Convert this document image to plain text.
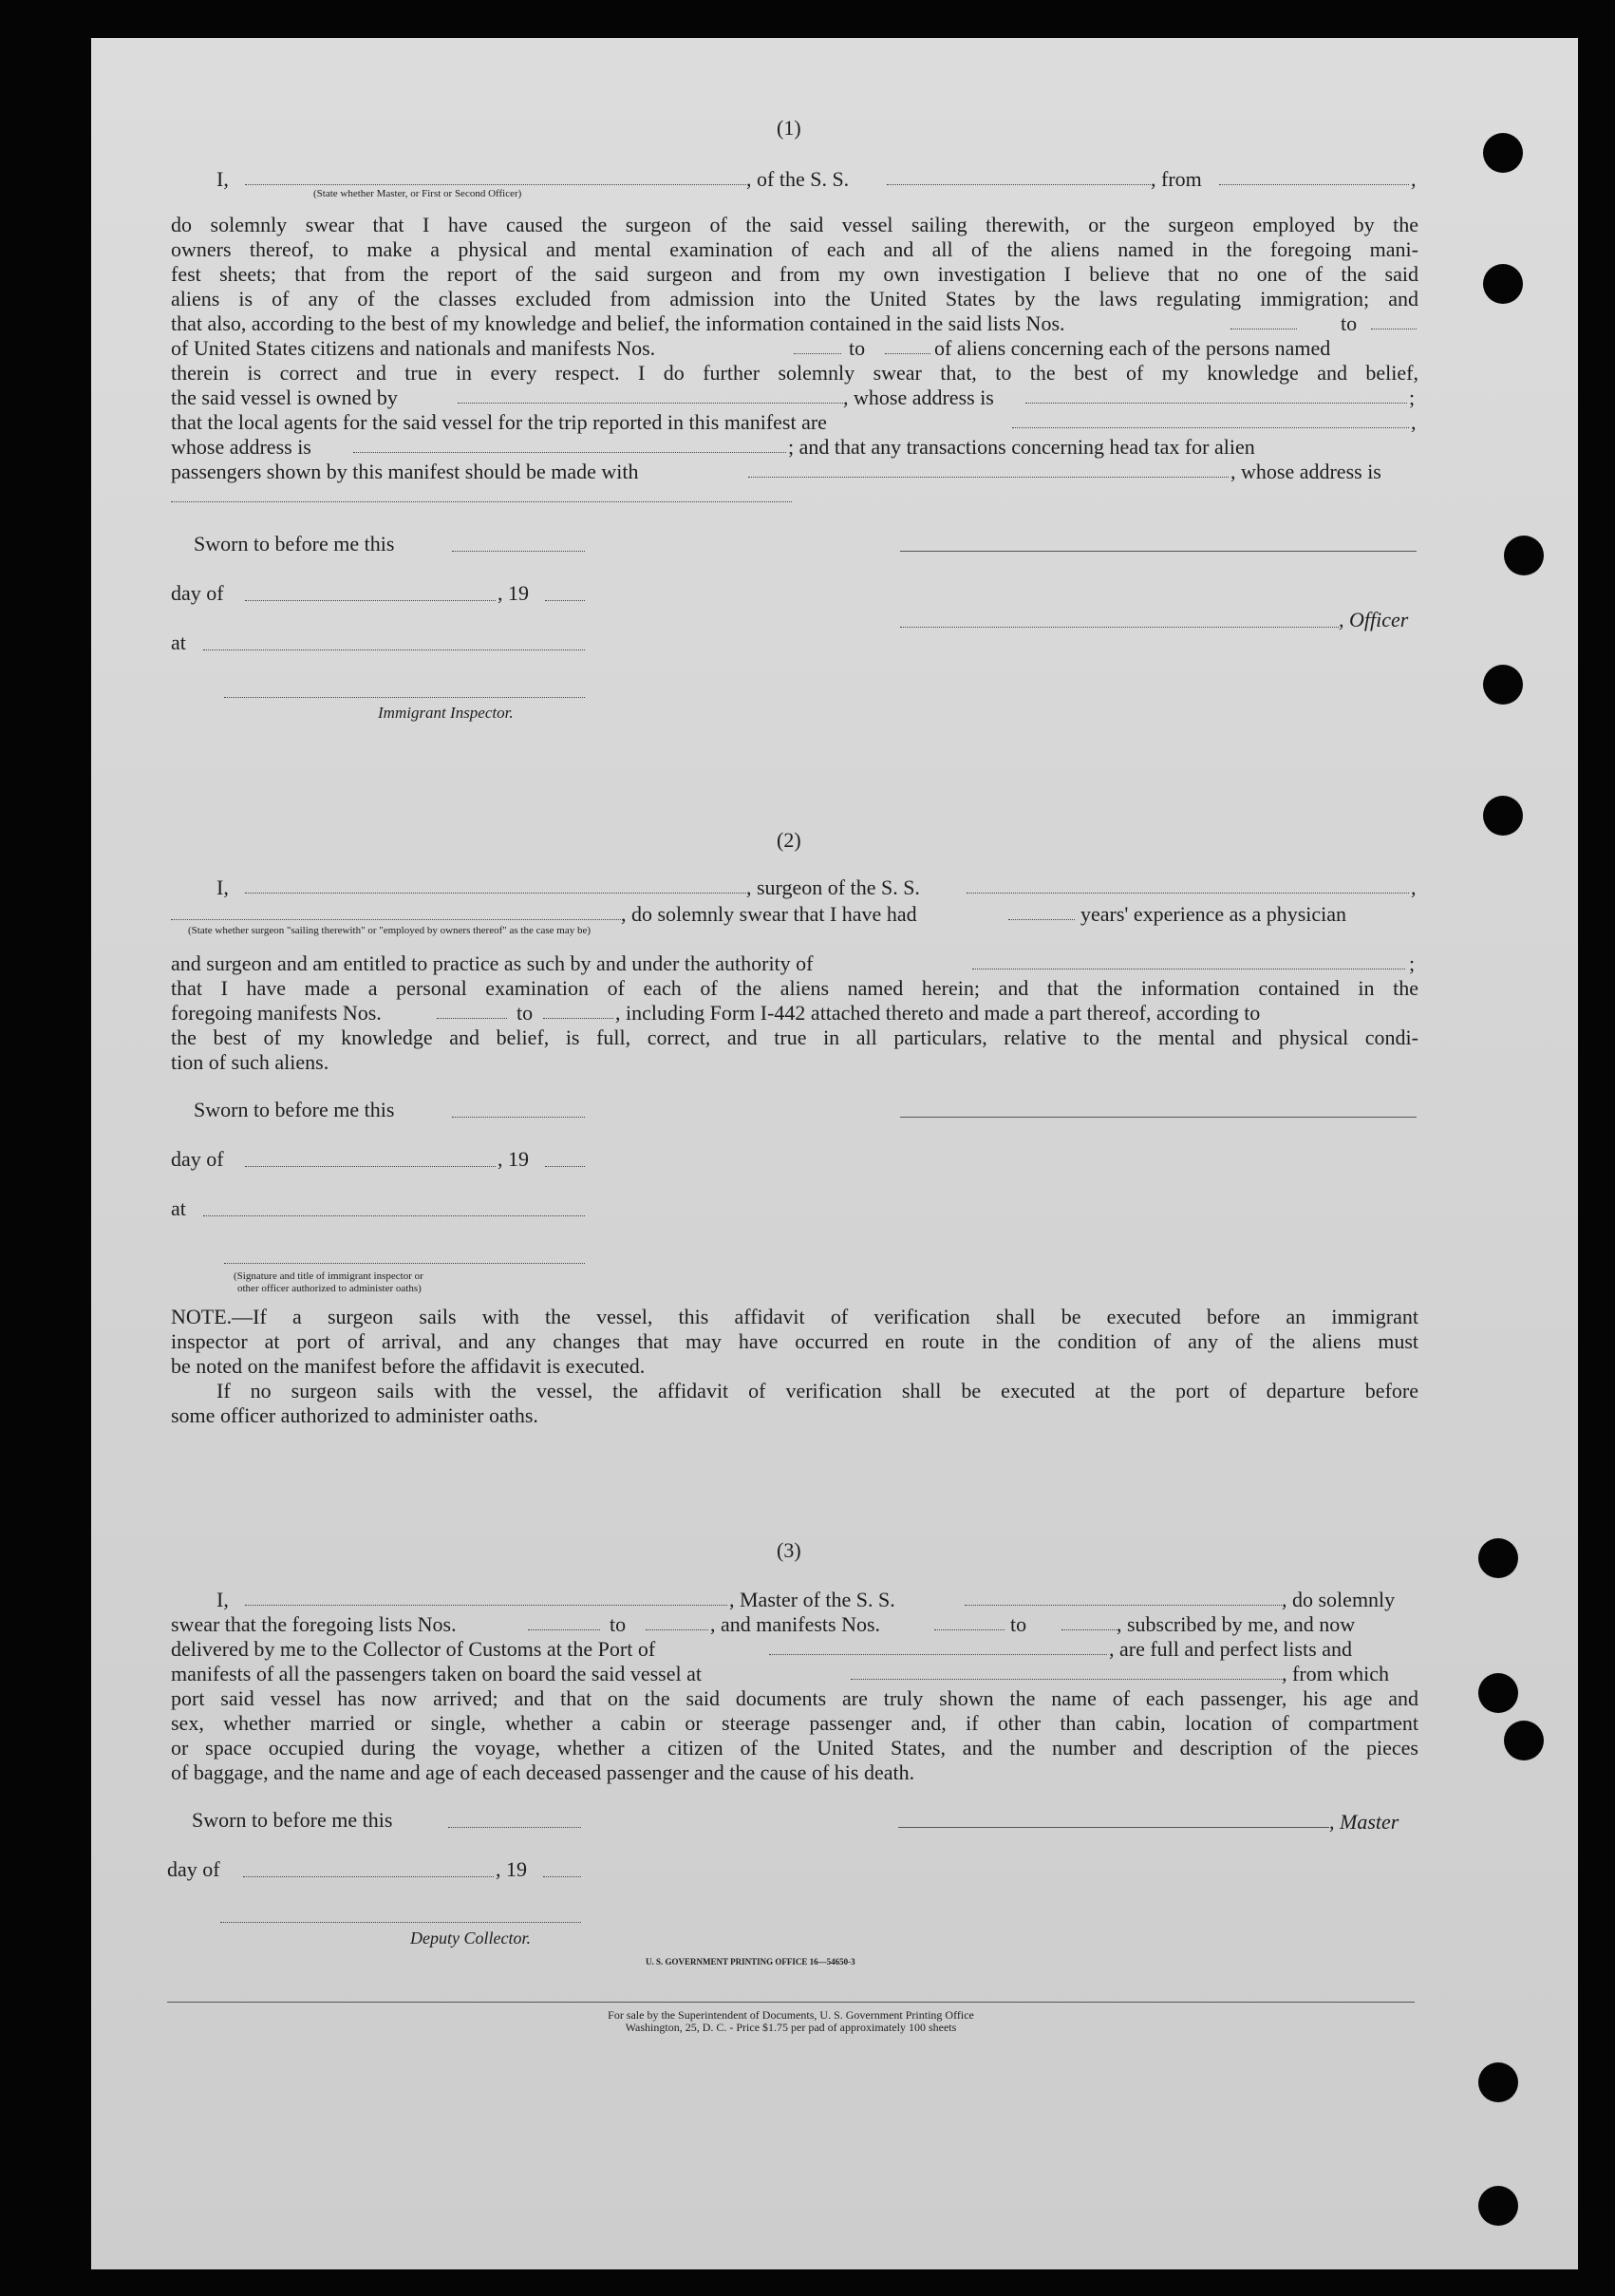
(1)
I,
(State whether Master, or First or Second Officer)
, of the S. S.	, from	,
do solemnly swear that I have caused the surgeon of the said vessel sailing therewith, or the surgeon employed by the
owners thereof, to make a physical and mental examination of each and all of the aliens named in the foregoing mani-
fest sheets; that from the report of the said surgeon and from my own investigation I believe that no one of the said
aliens is of any of the classes excluded from admission into the United States by the laws regulating immigration; and
that also, according to the best of my knowledge and belief, the information contained in the said lists Nos.	to
of United States citizens and nationals and manifests Nos.	to	of aliens concerning each of the persons named
therein is correct and true in every respect. I do further solemnly swear that, to the best of my knowledge and belief,
the said vessel is owned by	, whose address is	;
that the local agents for the said vessel for the trip reported in this manifest are	,
whose address is	; and that any transactions concerning head tax for alien
passengers shown by this manifest should be made with	, whose address is
Sworn to before me this
day of	, 19
, Officer
at
Immigrant Inspector.
(2)
I,	, surgeon of the S. S.	,
(State whether surgeon "sailing therewith" or "employed by owners thereof" as the case may be)
, do solemnly swear that I have had	years' experience as a physician
and surgeon and am entitled to practice as such by and under the authority of	;
that I have made a personal examination of each of the aliens named herein; and that the information contained in the
foregoing manifests Nos.	to	, including Form I-442 attached thereto and made a part thereof, according to
the best of my knowledge and belief, is full, correct, and true in all particulars, relative to the mental and physical condi-
tion of such aliens.
Sworn to before me this
day of	, 19
at
(Signature and title of immigrant inspector or
other officer authorized to administer oaths)
NOTE.—If a surgeon sails with the vessel, this affidavit of verification shall be executed before an immigrant
inspector at port of arrival, and any changes that may have occurred en route in the condition of any of the aliens must
be noted on the manifest before the affidavit is executed.
If no surgeon sails with the vessel, the affidavit of verification shall be executed at the port of departure before
some officer authorized to administer oaths.
(3)
I,	, Master of the S. S.	, do solemnly
swear that the foregoing lists Nos.	to	, and manifests Nos.	to	, subscribed by me, and now
delivered by me to the Collector of Customs at the Port of	, are full and perfect lists and
manifests of all the passengers taken on board the said vessel at	, from which
port said vessel has now arrived; and that on the said documents are truly shown the name of each passenger, his age and
sex, whether married or single, whether a cabin or steerage passenger and, if other than cabin, location of compartment
or space occupied during the voyage, whether a citizen of the United States, and the number and description of the pieces
of baggage, and the name and age of each deceased passenger and the cause of his death.
Sworn to before me this	, Master
day of	, 19
Deputy Collector.
U. S. GOVERNMENT PRINTING OFFICE 16—54650-3
For sale by the Superintendent of Documents, U. S. Government Printing Office
Washington, 25, D. C. - Price $1.75 per pad of approximately 100 sheets
